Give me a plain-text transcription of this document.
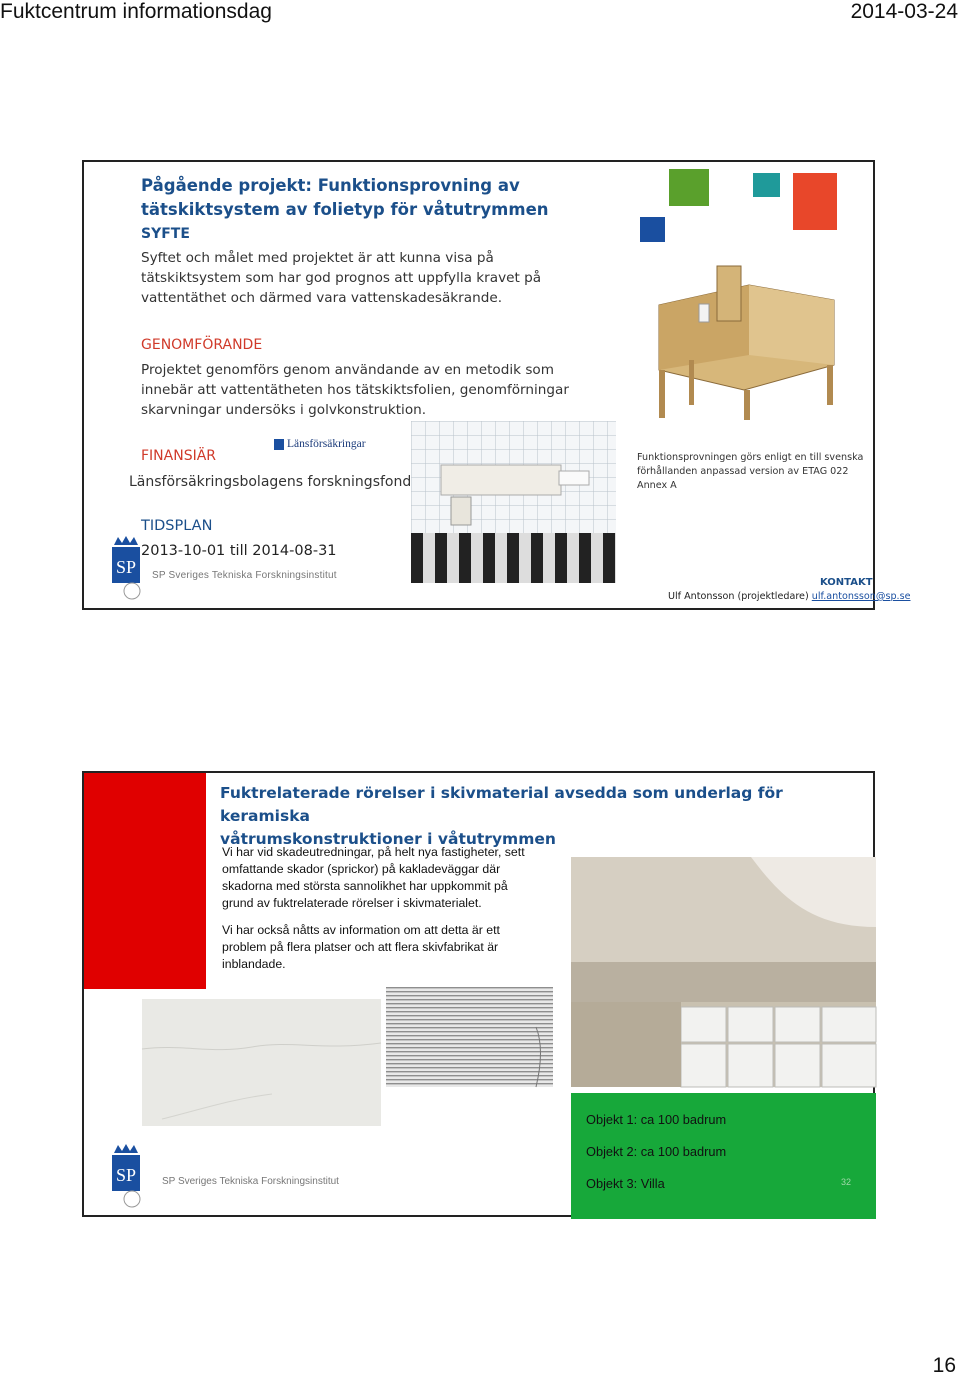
Fuktcentrum informationsdag	2014-03-24
Pågående projekt: Funktionsprovning av
tätskiktsystem av folietyp för våtutrymmen
SYFTE
Syftet och målet med projektet är att kunna visa på
tätskiktsystem som har god prognos att uppfylla kravet på
vattentäthet och därmed vara vattenskadesäkrande.
GENOMFÖRANDE
Projektet genomförs genom användande av en metodik som
innebär att vattentätheten hos tätskiktsfolien, genomförningar
skarvningar undersöks i golvkonstruktion.
Länsförsäkringar
FINANSIÄR
Länsförsäkringsbolagens forskningsfond
TIDSPLAN
2013-10-01 till 2014-08-31
SP SP Sveriges Tekniska Forskningsinstitut
Funktionsprovningen görs enligt en till svenska
förhållanden anpassad version av ETAG 022
Annex A
KONTAKT
Ulf Antonsson (projektledare) ulf.antonsson@sp.se
Fuktrelaterade rörelser i skivmaterial avsedda som underlag för keramiska
våtrumskonstruktioner i våtutrymmen
Vi har vid skadeutredningar, på helt nya fastigheter, sett
omfattande skador (sprickor) på kakladeväggar där
skadorna med största sannolikhet har uppkommit på
grund av fuktrelaterade rörelser i skivmaterialet.
Vi har också nåtts av information om att detta är ett
problem på flera platser och att flera skivfabrikat är
inblandade.
Objekt 1: ca 100 badrum
Objekt 2: ca 100 badrum
Objekt 3: Villa	32
SP	SP Sveriges Tekniska Forskningsinstitut
16
